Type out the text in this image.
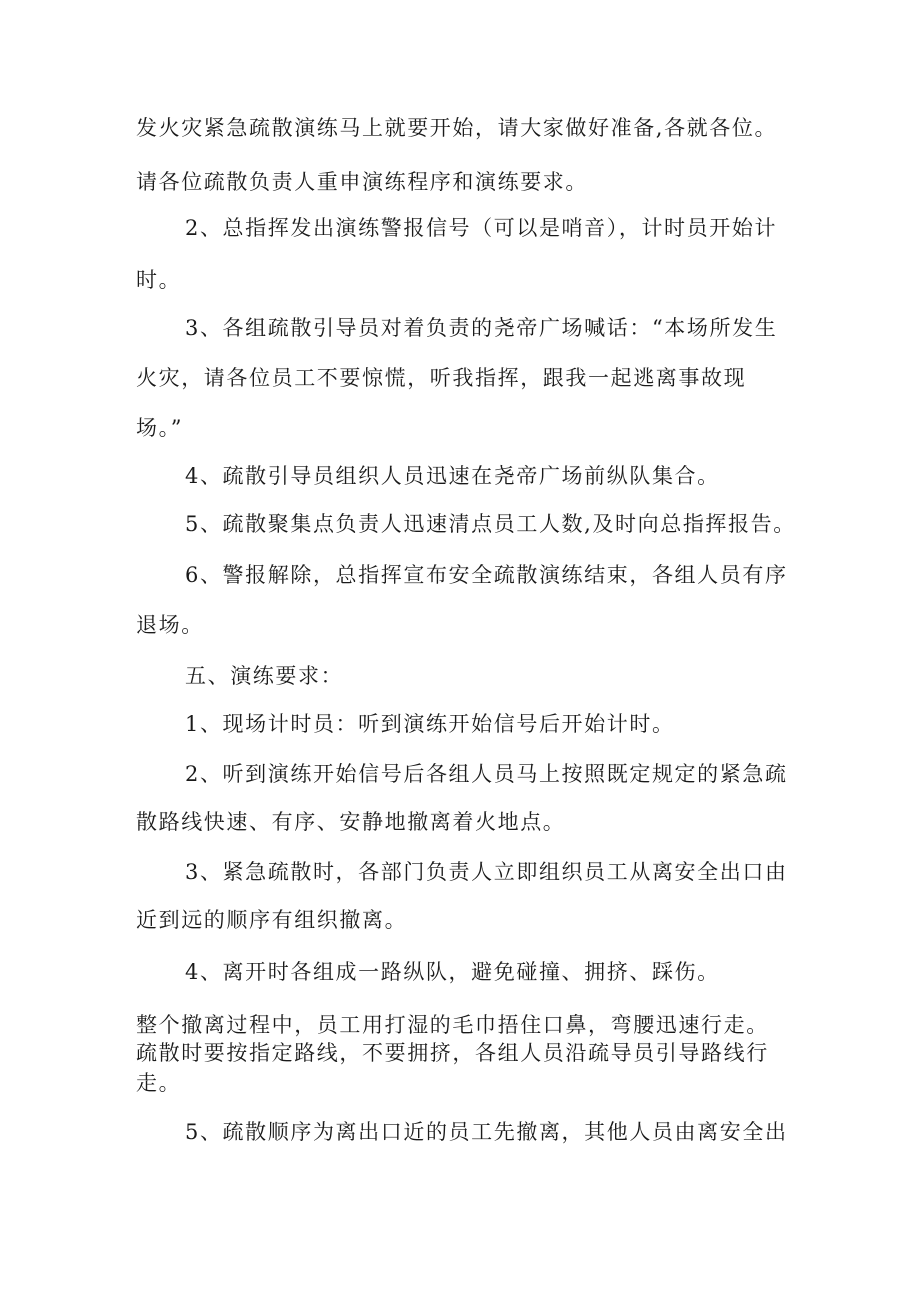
发火灾紧急疏散演练马上就要开始，请大家做好准备,各就各位。

请各位疏散负责人重申演练程序和演练要求。

2、总指挥发出演练警报信号（可以是哨音），计时员开始计

时。

3、各组疏散引导员对着负责的尧帝广场喊话：“本场所发生

火灾，请各位员工不要惊慌，听我指挥，跟我一起逃离事故现

场。”

4、疏散引导员组织人员迅速在尧帝广场前纵队集合。

5、疏散聚集点负责人迅速清点员工人数,及时向总指挥报告。

6、警报解除，总指挥宣布安全疏散演练结束，各组人员有序

退场。

五、演练要求：

1、现场计时员：听到演练开始信号后开始计时。

2、听到演练开始信号后各组人员马上按照既定规定的紧急疏

散路线快速、有序、安静地撤离着火地点。

3、紧急疏散时，各部门负责人立即组织员工从离安全出口由

近到远的顺序有组织撤离。

4、离开时各组成一路纵队，避免碰撞、拥挤、踩伤。

整个撤离过程中，员工用打湿的毛巾捂住口鼻，弯腰迅速行走。

疏散时要按指定路线，不要拥挤，各组人员沿疏导员引导路线行

走。

5、疏散顺序为离出口近的员工先撤离，其他人员由离安全出
